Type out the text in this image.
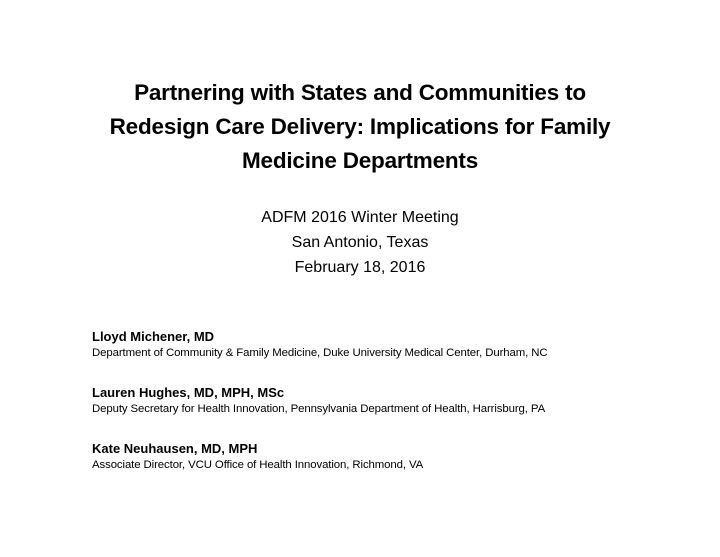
Partnering with States and Communities to
Redesign Care Delivery: Implications for Family
Medicine Departments
ADFM 2016 Winter Meeting
San Antonio, Texas
February 18, 2016
Lloyd Michener, MD
Department of Community & Family Medicine, Duke University Medical Center, Durham, NC
Lauren Hughes, MD, MPH, MSc
Deputy Secretary for Health Innovation, Pennsylvania Department of Health, Harrisburg, PA
Kate Neuhausen, MD, MPH
Associate Director, VCU Office of Health Innovation, Richmond, VA
